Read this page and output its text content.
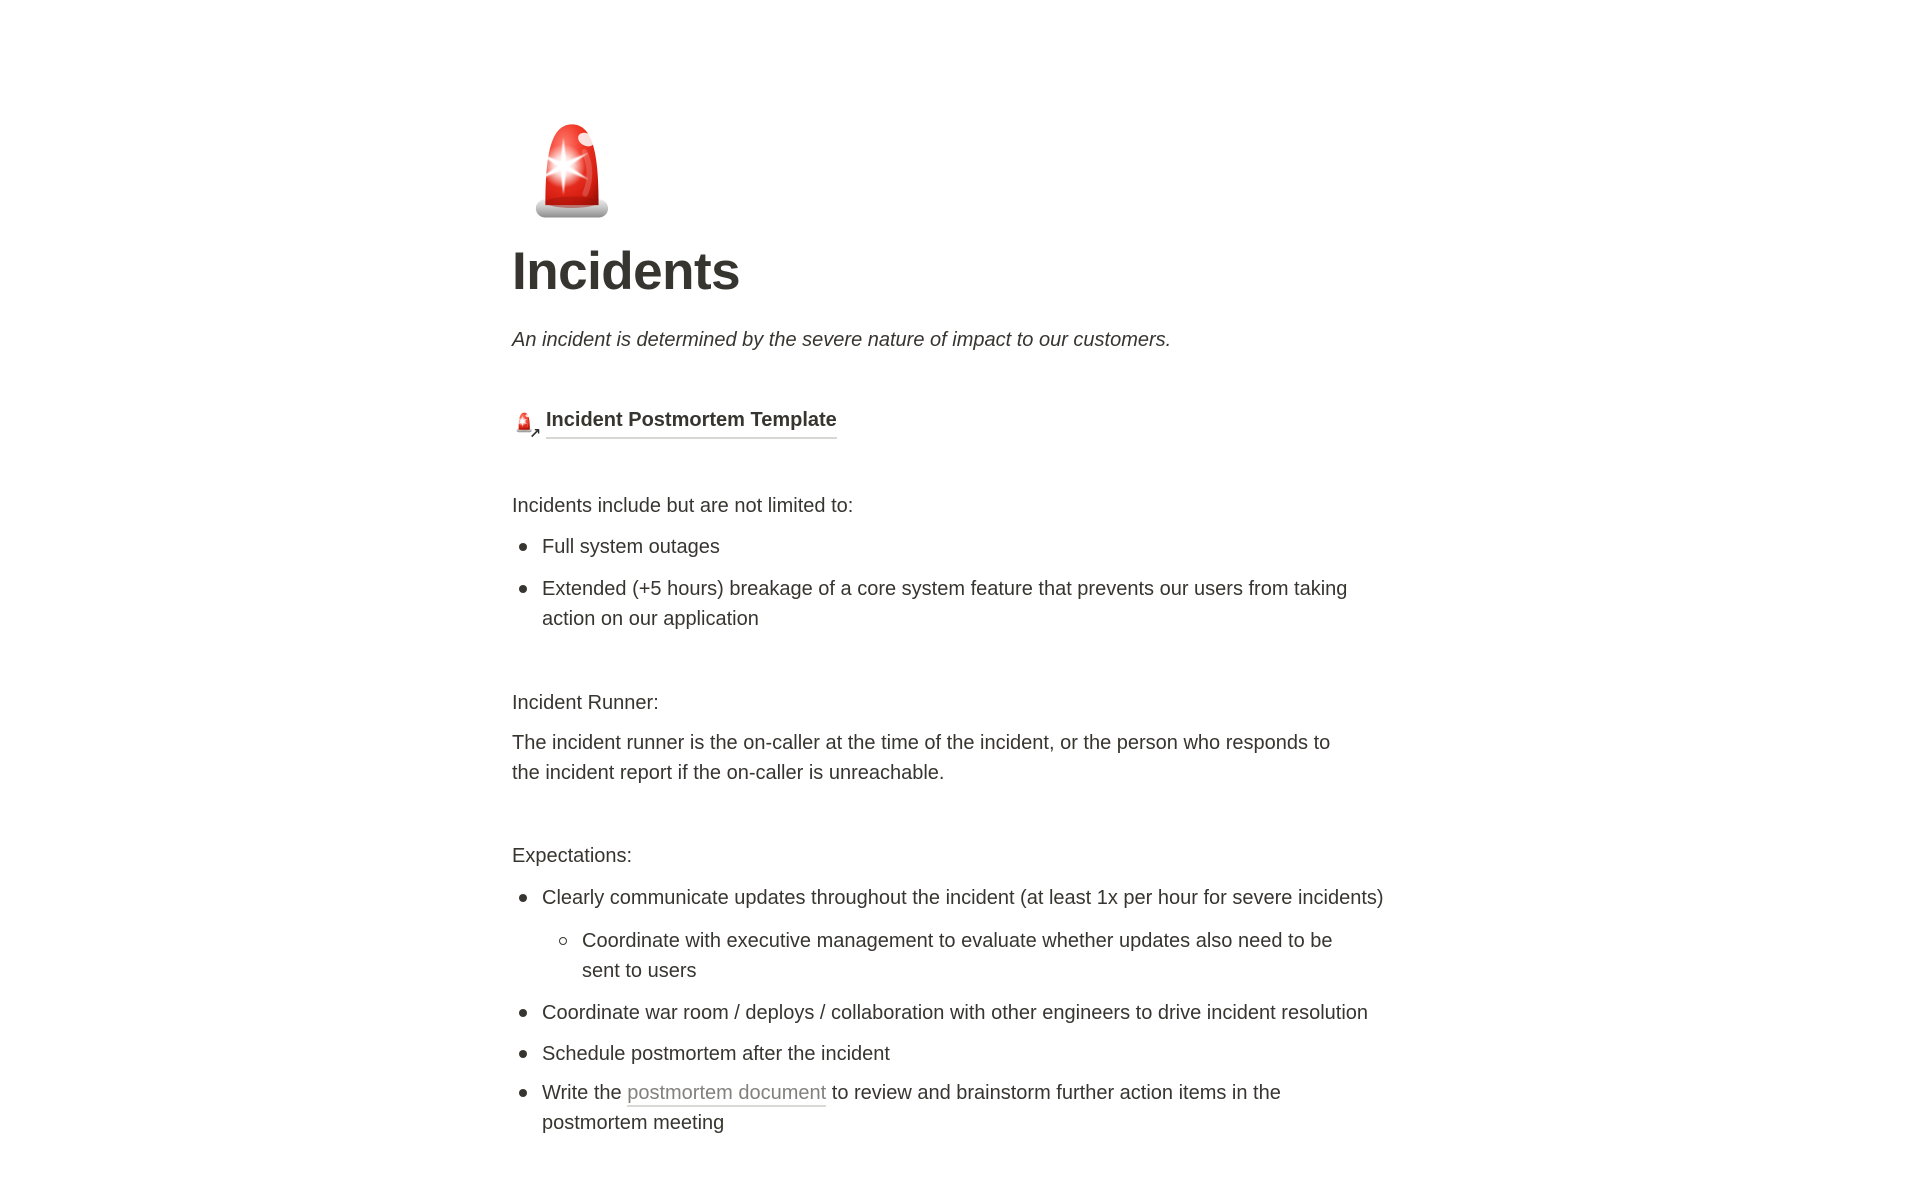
Incidents
An incident is determined by the severe nature of impact to our customers.
↗
Incident Postmortem Template
Incidents include but are not limited to:
Full system outages
Extended (+5 hours) breakage of a core system feature that prevents our users from taking action on our application
Incident Runner:
The incident runner is the on-caller at the time of the incident, or the person who responds to the incident report if the on-caller is unreachable.
Expectations:
Clearly communicate updates throughout the incident (at least 1x per hour for severe incidents)
Coordinate with executive management to evaluate whether updates also need to be sent to users
Coordinate war room / deploys / collaboration with other engineers to drive incident resolution
Schedule postmortem after the incident
Write the postmortem document to review and brainstorm further action items in the postmortem meeting
